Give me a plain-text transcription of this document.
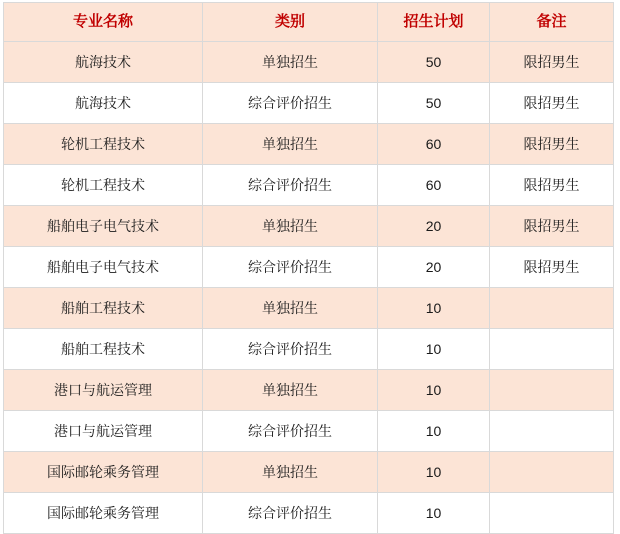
专业名称	类别	招生计划	备注
航海技术	单独招生	50	限招男生
航海技术	综合评价招生	50	限招男生
轮机工程技术	单独招生	60	限招男生
轮机工程技术	综合评价招生	60	限招男生
船舶电子电气技术	单独招生	20	限招男生
船舶电子电气技术	综合评价招生	20	限招男生
船舶工程技术	单独招生	10	
船舶工程技术	综合评价招生	10	
港口与航运管理	单独招生	10	
港口与航运管理	综合评价招生	10	
国际邮轮乘务管理	单独招生	10	
国际邮轮乘务管理	综合评价招生	10	
